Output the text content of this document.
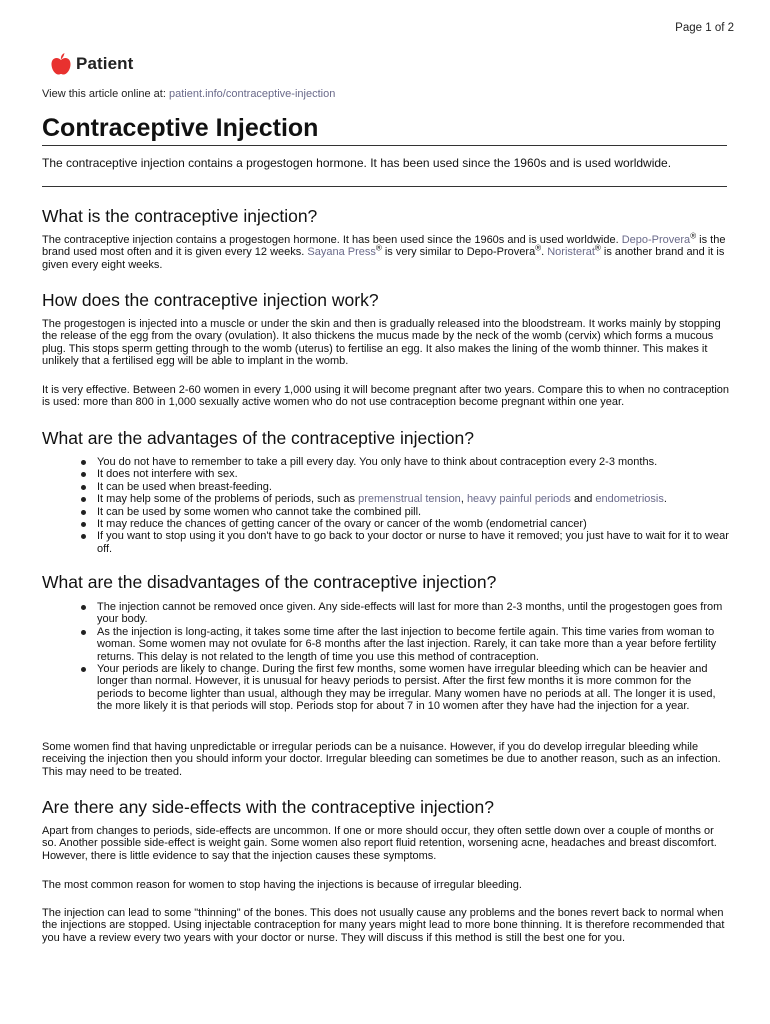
Page 1 of 2
Patient
View this article online at: patient.info/contraceptive-injection
Contraceptive Injection

The contraceptive injection contains a progestogen hormone. It has been used since the 1960s and is used worldwide.

What is the contraceptive injection?

The contraceptive injection contains a progestogen hormone. It has been used since the 1960s and is used worldwide. Depo-Provera® is the brand used most often and it is given every 12 weeks. Sayana Press® is very similar to Depo-Provera®. Noristerat® is another brand and it is given every eight weeks.

How does the contraceptive injection work?

The progestogen is injected into a muscle or under the skin and then is gradually released into the bloodstream. It works mainly by stopping the release of the egg from the ovary (ovulation). It also thickens the mucus made by the neck of the womb (cervix) which forms a mucous plug. This stops sperm getting through to the womb (uterus) to fertilise an egg. It also makes the lining of the womb thinner. This makes it unlikely that a fertilised egg will be able to implant in the womb.

It is very effective. Between 2-60 women in every 1,000 using it will become pregnant after two years. Compare this to when no contraception is used: more than 800 in 1,000 sexually active women who do not use contraception become pregnant within one year.

What are the advantages of the contraceptive injection?
You do not have to remember to take a pill every day. You only have to think about contraception every 2-3 months.
It does not interfere with sex.
It can be used when breast-feeding.
It may help some of the problems of periods, such as premenstrual tension, heavy painful periods and endometriosis.
It can be used by some women who cannot take the combined pill.
It may reduce the chances of getting cancer of the ovary or cancer of the womb (endometrial cancer)
If you want to stop using it you don't have to go back to your doctor or nurse to have it removed; you just have to wait for it to wear off.
What are the disadvantages of the contraceptive injection?
The injection cannot be removed once given. Any side-effects will last for more than 2-3 months, until the progestogen goes from your body.
As the injection is long-acting, it takes some time after the last injection to become fertile again. This time varies from woman to woman. Some women may not ovulate for 6-8 months after the last injection. Rarely, it can take more than a year before fertility returns. This delay is not related to the length of time you use this method of contraception.
Your periods are likely to change. During the first few months, some women have irregular bleeding which can be heavier and longer than normal. However, it is unusual for heavy periods to persist. After the first few months it is more common for the periods to become lighter than usual, although they may be irregular. Many women have no periods at all. The longer it is used, the more likely it is that periods will stop. Periods stop for about 7 in 10 women after they have had the injection for a year.

Some women find that having unpredictable or irregular periods can be a nuisance. However, if you do develop irregular bleeding while receiving the injection then you should inform your doctor. Irregular bleeding can sometimes be due to another reason, such as an infection. This may need to be treated.

Are there any side-effects with the contraceptive injection?

Apart from changes to periods, side-effects are uncommon. If one or more should occur, they often settle down over a couple of months or so. Another possible side-effect is weight gain. Some women also report fluid retention, worsening acne, headaches and breast discomfort. However, there is little evidence to say that the injection causes these symptoms.

The most common reason for women to stop having the injections is because of irregular bleeding.

The injection can lead to some "thinning" of the bones. This does not usually cause any problems and the bones revert back to normal when the injections are stopped. Using injectable contraception for many years might lead to more bone thinning. It is therefore recommended that you have a review every two years with your doctor or nurse. They will discuss if this method is still the best one for you.
